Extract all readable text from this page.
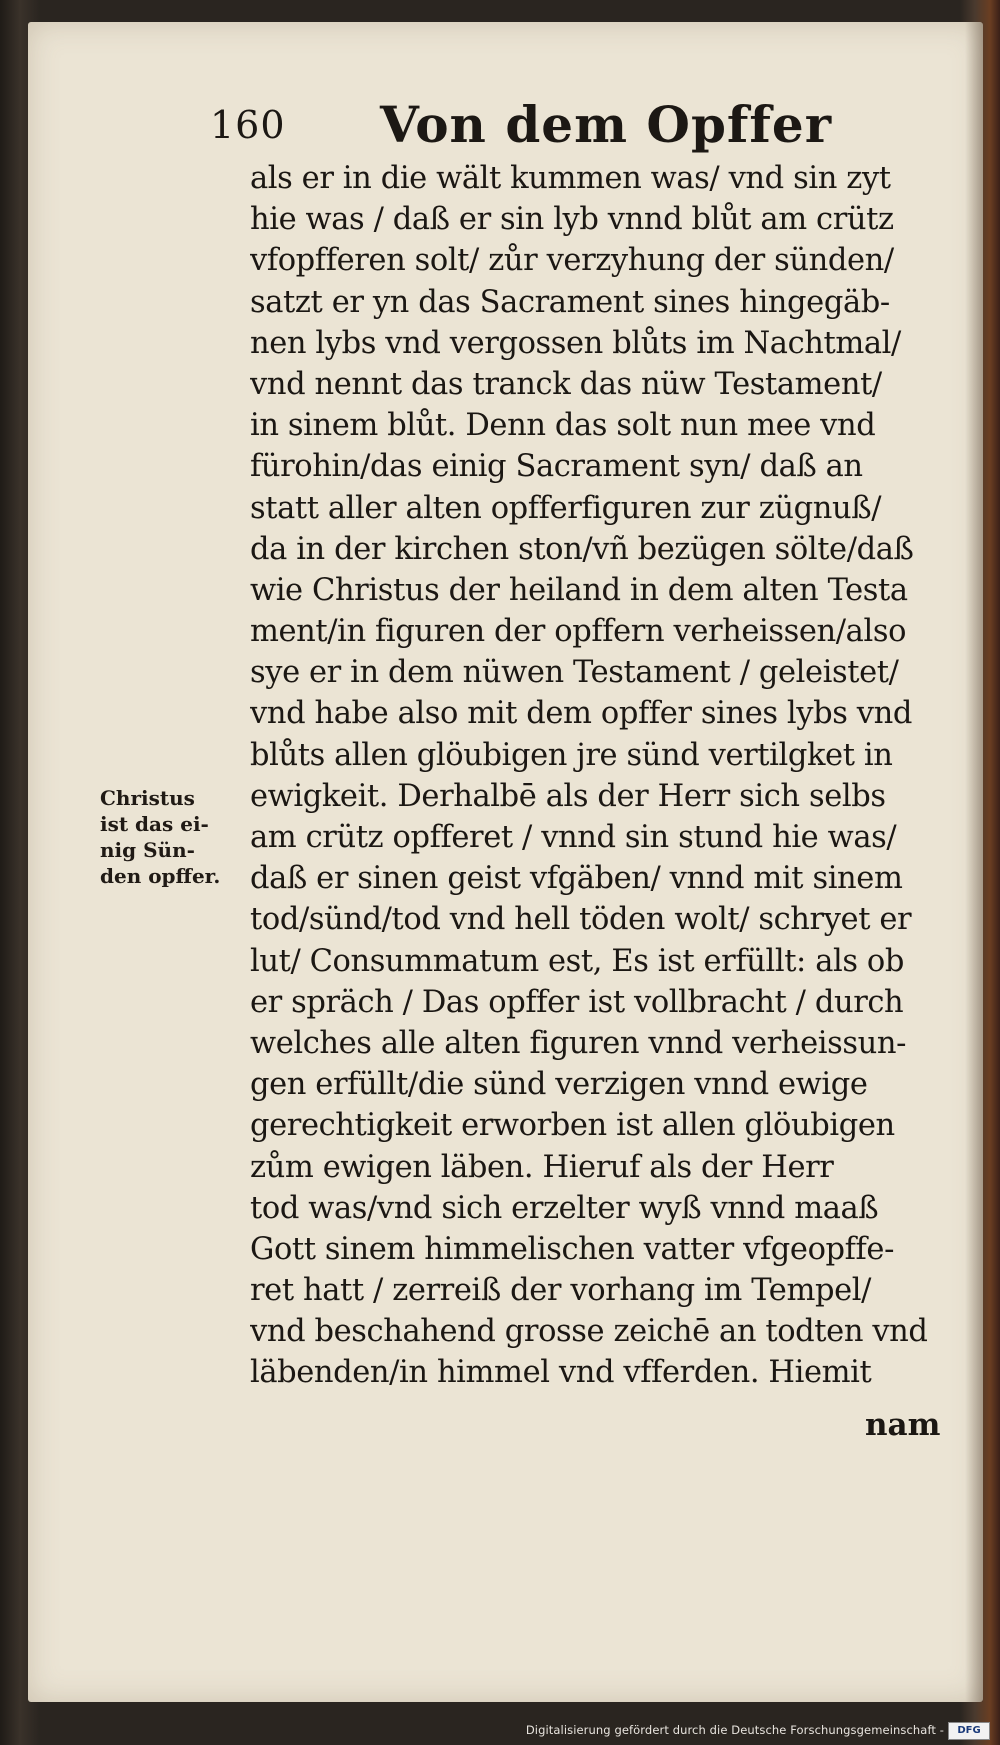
160 Von dem Opffer
Christus
ist das ei-
nig Sün-
den opffer.
als er in die wält kummen was/ vnd sin zyt
hie was / daß er sin lyb vnnd blůt am crütz
vfopfferen solt/ zůr verzyhung der sünden/
satzt er yn das Sacrament sines hingegäb-
nen lybs vnd vergossen blůts im Nachtmal/
vnd nennt das tranck das nüw Testament/
in sinem blůt. Denn das solt nun mee vnd
fürohin/das einig Sacrament syn/ daß an
statt aller alten opfferfiguren zur zügnuß/
da in der kirchen ston/vñ bezügen sölte/daß
wie Christus der heiland in dem alten Testa
ment/in figuren der opffern verheissen/also
sye er in dem nüwen Testament / geleistet/
vnd habe also mit dem opffer sines lybs vnd
blůts allen glöubigen jre sünd vertilgket in
ewigkeit. Derhalbē als der Herr sich selbs
am crütz opfferet / vnnd sin stund hie was/
daß er sinen geist vfgäben/ vnnd mit sinem
tod/sünd/tod vnd hell töden wolt/ schryet er
lut/ Consummatum est, Es ist erfüllt: als ob
er spräch / Das opffer ist vollbracht / durch
welches alle alten figuren vnnd verheissun-
gen erfüllt/die sünd verzigen vnnd ewige
gerechtigkeit erworben ist allen glöubigen
zům ewigen läben. Hieruf als der Herr
tod was/vnd sich erzelter wyß vnnd maaß
Gott sinem himmelischen vatter vfgeopffe-
ret hatt / zerreiß der vorhang im Tempel/
vnd beschahend grosse zeichē an todten vnd
läbenden/in himmel vnd vfferden. Hiemit
nam
Digitalisierung gefördert durch die Deutsche Forschungsgemeinschaft -	DFG
